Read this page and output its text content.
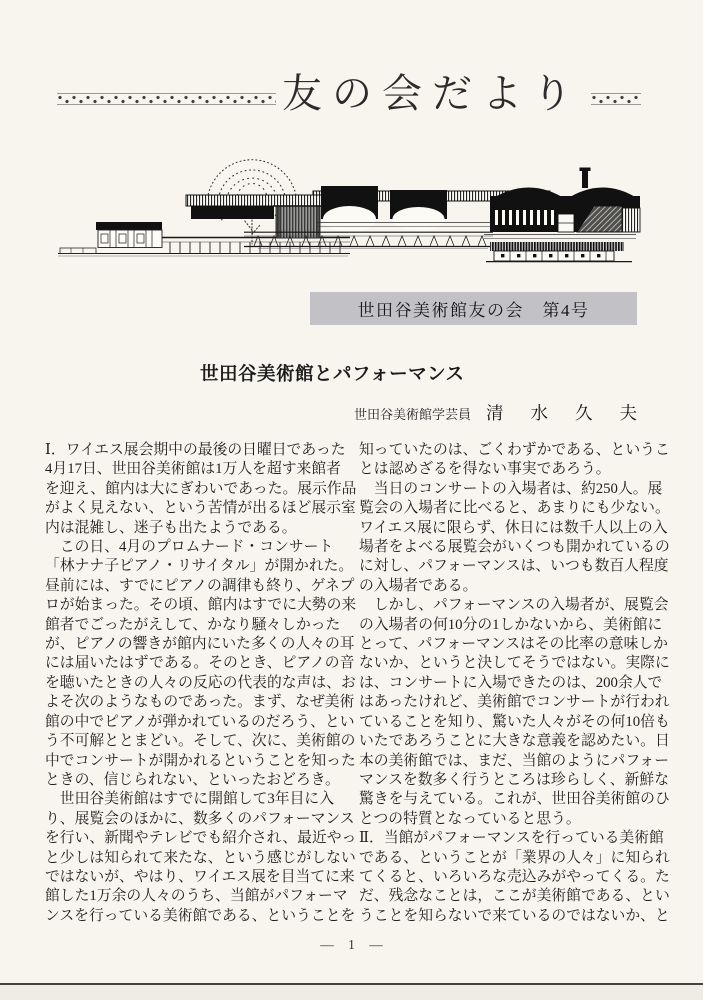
友の会だより
世田谷美術館友の会　第4号
世田谷美術館とパフォーマンス
世田谷美術館学芸員 清水久夫
Ⅰ．ワイエス展会期中の最後の日曜日であった
4月17日、世田谷美術館は1万人を超す来館者
を迎え、館内は大にぎわいであった。展示作品
がよく見えない、という苦情が出るほど展示室
内は混雑し、迷子も出たようである。
　この日、4月のプロムナード・コンサート
「林ナナ子ピアノ・リサイタル」が開かれた。
昼前には、すでにピアノの調律も終り、ゲネプ
ロが始まった。その頃、館内はすでに大勢の来
館者でごったがえして、かなり騒々しかった
が、ピアノの響きが館内にいた多くの人々の耳
には届いたはずである。そのとき、ピアノの音
を聴いたときの人々の反応の代表的な声は、お
よそ次のようなものであった。まず、なぜ美術
館の中でピアノが弾かれているのだろう、とい
う不可解ととまどい。そして、次に、美術館の
中でコンサートが開かれるということを知った
ときの、信じられない、といったおどろき。
　世田谷美術館はすでに開館して3年目に入
り、展覧会のほかに、数多くのパフォーマンス
を行い、新聞やテレビでも紹介され、最近やっ
と少しは知られて来たな、という感じがしない
ではないが、やはり、ワイエス展を目当てに来
館した1万余の人々のうち、当館がパフォーマ
ンスを行っている美術館である、ということを
知っていたのは、ごくわずかである、というこ
とは認めざるを得ない事実であろう。
　当日のコンサートの入場者は、約250人。展
覧会の入場者に比べると、あまりにも少ない。
ワイエス展に限らず、休日には数千人以上の入
場者をよべる展覧会がいくつも開かれているの
に対し、パフォーマンスは、いつも数百人程度
の入場者である。
　しかし、パフォーマンスの入場者が、展覧会
の入場者の何10分の1しかないから、美術館に
とって、パフォーマンスはその比率の意味しか
ないか、というと決してそうではない。実際に
は、コンサートに入場できたのは、200余人で
はあったけれど、美術館でコンサートが行われ
ていることを知り、驚いた人々がその何10倍も
いたであろうことに大きな意義を認めたい。日
本の美術館では、まだ、当館のようにパフォー
マンスを数多く行うところは珍らしく、新鮮な
驚きを与えている。これが、世田谷美術館のひ
とつの特質となっていると思う。
Ⅱ．当館がパフォーマンスを行っている美術館
である、ということが「業界の人々」に知られ
てくると、いろいろな売込みがやってくる。た
だ、残念なことは，ここが美術館である、とい
うことを知らないで来ているのではないか、と
— 1 —
